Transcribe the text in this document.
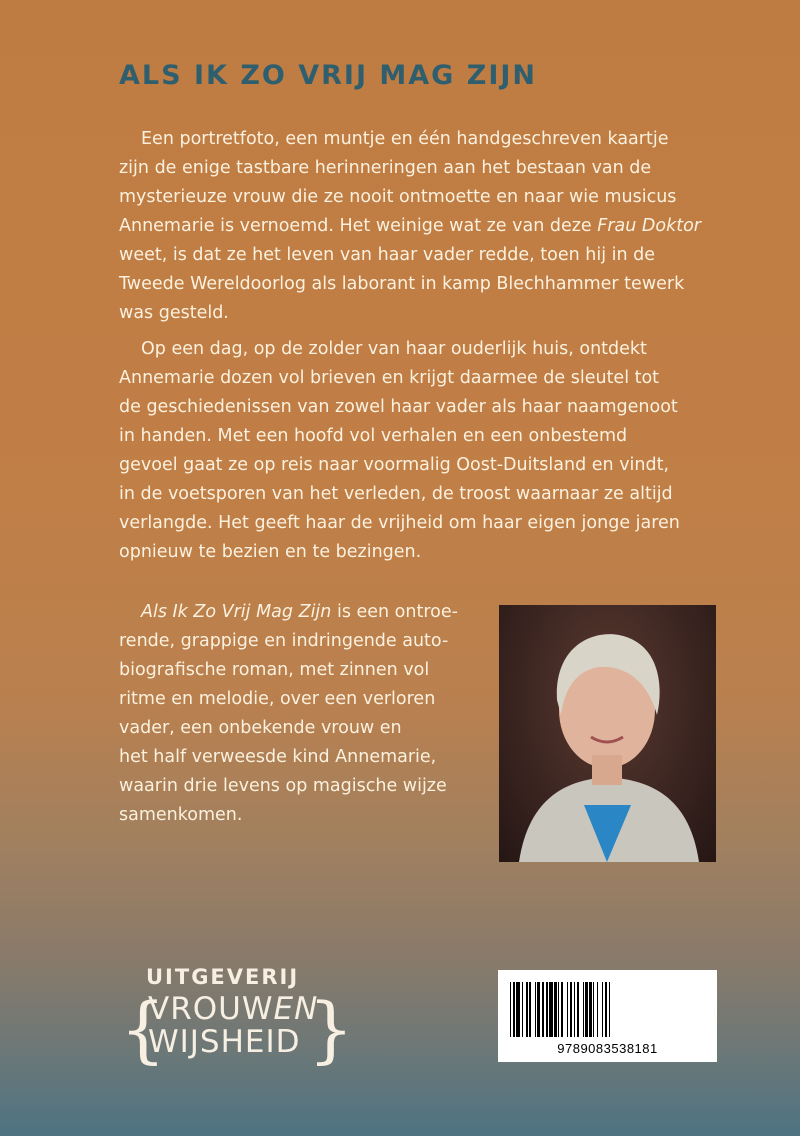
ALS IK ZO VRIJ MAG ZIJN
Een portretfoto, een muntje en één handgeschreven kaartje
zijn de enige tastbare herinneringen aan het bestaan van de
mysterieuze vrouw die ze nooit ontmoette en naar wie musicus
Annemarie is vernoemd. Het weinige wat ze van deze Frau Doktor
weet, is dat ze het leven van haar vader redde, toen hij in de
Tweede Wereldoorlog als laborant in kamp Blechhammer tewerk
was gesteld.
Op een dag, op de zolder van haar ouderlijk huis, ontdekt
Annemarie dozen vol brieven en krijgt daarmee de sleutel tot
de geschiedenissen van zowel haar vader als haar naamgenoot
in handen. Met een hoofd vol verhalen en een onbestemd
gevoel gaat ze op reis naar voormalig Oost-Duitsland en vindt,
in de voetsporen van het verleden, de troost waarnaar ze altijd
verlangde. Het geeft haar de vrijheid om haar eigen jonge jaren
opnieuw te bezien en te bezingen.
Als Ik Zo Vrij Mag Zijn is een ontroe-
rende, grappige en indringende auto-
biografische roman, met zinnen vol
ritme en melodie, over een verloren
vader, een onbekende vrouw en
het half verweesde kind Annemarie,
waarin drie levens op magische wijze
samenkomen.
UITGEVERIJ
{
VROUWEN
WIJSHEID }	9789083538181
